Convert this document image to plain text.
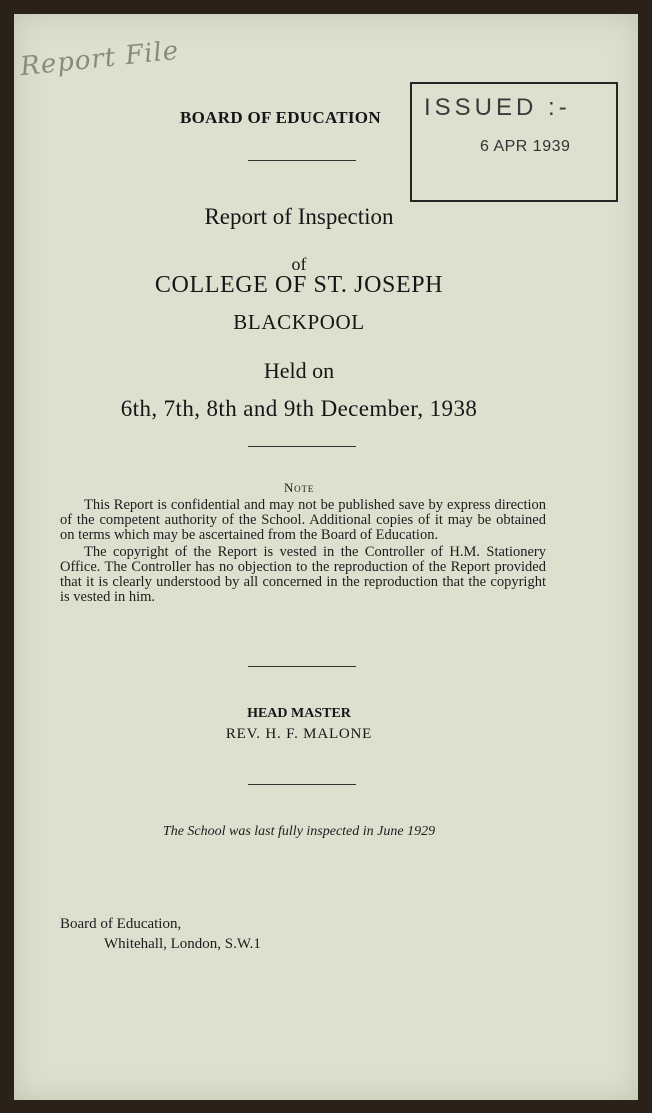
Report File
BOARD OF EDUCATION ISSUED :-
6 APR 1939
Report of Inspection
of
COLLEGE OF ST. JOSEPH
BLACKPOOL
Held on
6th, 7th, 8th and 9th December, 1938
Note

This Report is confidential and may not be published save by express direction of the competent authority of the School. Additional copies of it may be obtained on terms which may be ascertained from the Board of Education.

The copyright of the Report is vested in the Controller of H.M. Stationery Office. The Controller has no objection to the reproduction of the Report provided that it is clearly understood by all concerned in the reproduction that the copyright is vested in him.

HEAD MASTER
REV. H. F. MALONE
The School was last fully inspected in June 1929
Board of Education,
Whitehall, London, S.W.1
